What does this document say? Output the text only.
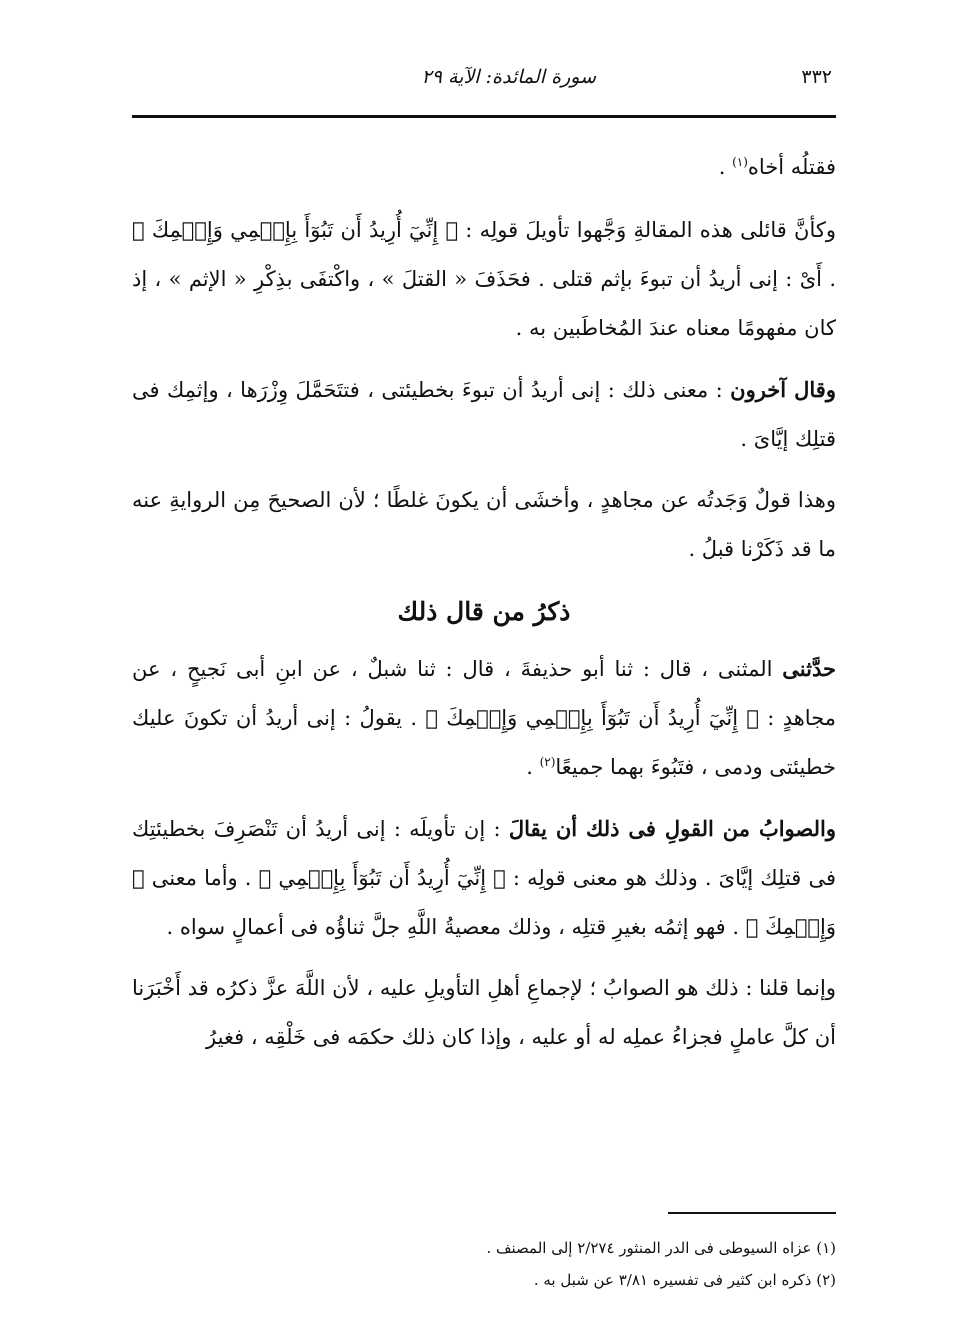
٣٣٢
سورة المائدة: الآية ٢٩

فقتلُه أخاه$^{(١)}$ .

وكأنَّ قائلى هذه المقالةِ وَجَّهوا تأويلَ قولِه : ﴿ إِنِّيٓ أُرِيدُ أَن تَبُوٓأَ بِإِثۡمِي وَإِثۡمِكَ ﴾ . أَىْ : إنى أريدُ أن تبوءَ بإثم قتلى . فحَذَفَ « القتلَ » ، واكْتفَى بذِكْرِ « الإثم » ، إذ كان مفهومًا معناه عندَ المُخاطَبين به .

وقال آخرون : معنى ذلك : إنى أريدُ أن تبوءَ بخطيئتى ، فتتَحَمَّلَ وِزْرَها ، وإثمِك فى قتلِك إيَّاىَ .

وهذا قولٌ وَجَدتُه عن مجاهدٍ ، وأخشَى أن يكونَ غلطًا ؛ لأن الصحيحَ مِن الروايةِ عنه ما قد ذَكَرْنا قبلُ .

ذكرُ من قال ذلك

حدَّثنى المثنى ، قال : ثنا أبو حذيفةَ ، قال : ثنا شبلٌ ، عن ابنِ أبى نَجيحٍ ، عن مجاهدٍ : ﴿ إِنِّيٓ أُرِيدُ أَن تَبُوٓأَ بِإِثۡمِي وَإِثۡمِكَ ﴾ . يقولُ : إنى أريدُ أن تكونَ عليك خطيئتى ودمى ، فتَبُوءَ بهما جميعًا$^{(٢)}$ .

والصوابُ من القولِ فى ذلك أن يقالَ : إن تأويلَه : إنى أريدُ أن تَنْصَرِفَ بخطيئتِك فى قتلِك إيَّاىَ . وذلك هو معنى قولِه : ﴿ إِنِّيٓ أُرِيدُ أَن تَبُوٓأَ بِإِثۡمِي ﴾ . وأما معنى ﴿ وَإِثۡمِكَ ﴾ . فهو إثمُه بغيرِ قتلِه ، وذلك معصيةُ اللَّهِ جلَّ ثناؤُه فى أعمالٍ سواه .

وإنما قلنا : ذلك هو الصوابُ ؛ لإجماعِ أهلِ التأويلِ عليه ، لأن اللَّهَ عزَّ ذكرُه قد أَخْبَرَنا أن كلَّ عاملٍ فجزاءُ عملِه له أو عليه ، وإذا كان ذلك حكمَه فى خَلْقِه ، فغيرُ

(١) عزاه السيوطى فى الدر المنثور ٢/٢٧٤ إلى المصنف .
(٢) ذكره ابن كثير فى تفسيره ٣/٨١ عن شبل به .
